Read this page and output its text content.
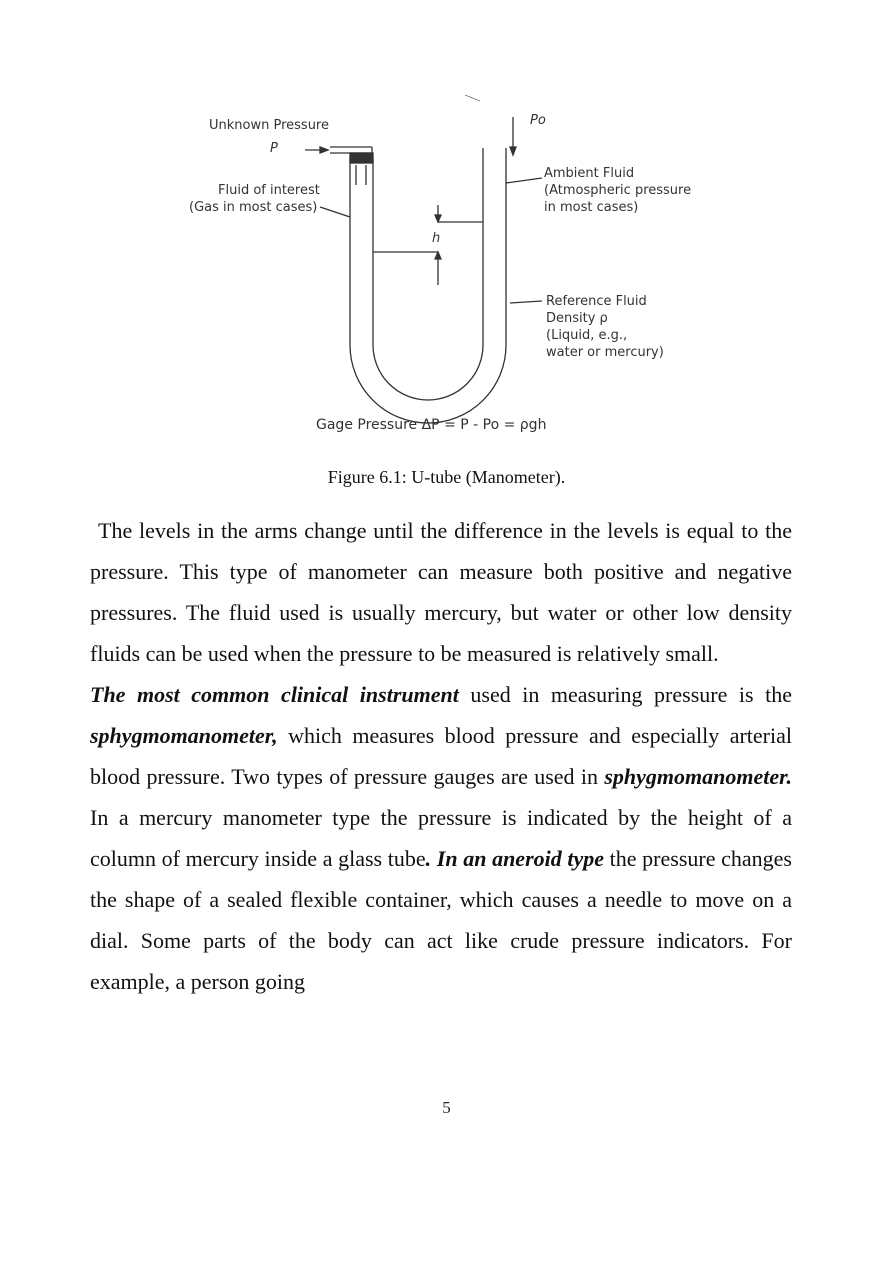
Unknown Pressure
P
Po
Ambient Fluid
(Atmospheric pressure
in most cases)
Fluid of interest
(Gas in most cases)
h
Reference Fluid
Density ρ
(Liquid, e.g.,
water or mercury)
Gage Pressure ΔP = P - Po = ρgh
Figure 6.1: U-tube (Manometer).

The levels in the arms change until the difference in the levels is equal to the pressure. This type of manometer can measure both positive and negative pressures. The fluid used is usually mercury, but water or other low density fluids can be used when the pressure to be measured is relatively small.

The most common clinical instrument used in measuring pressure is the sphygmomanometer, which measures blood pressure and especially arterial blood pressure. Two types of pressure gauges are used in sphygmomanometer. In a mercury manometer type the pressure is indicated by the height of a column of mercury inside a glass tube. In an aneroid type the pressure changes the shape of a sealed flexible container, which causes a needle to move on a dial. Some parts of the body can act like crude pressure indicators. For example, a person going

5
